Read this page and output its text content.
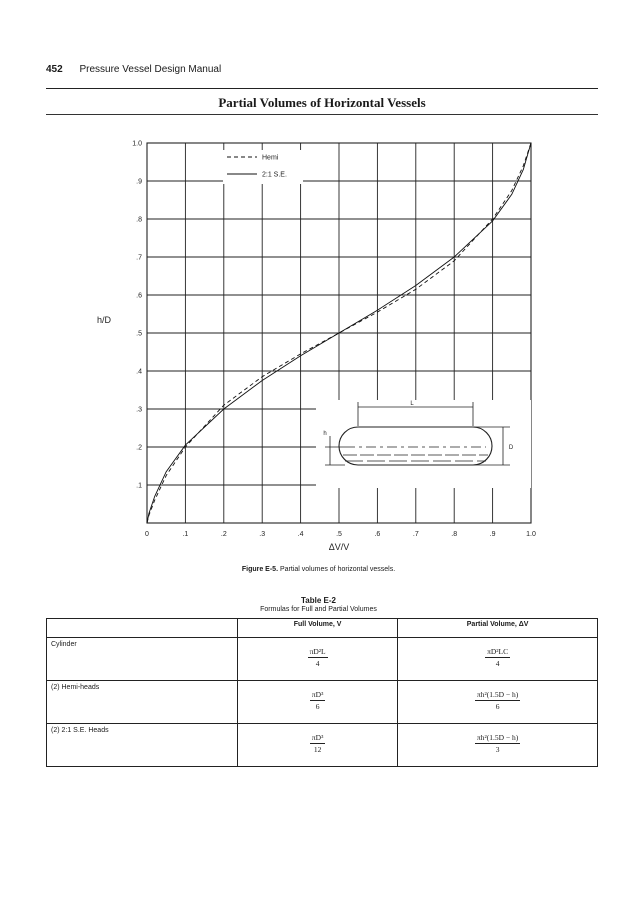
452 Pressure Vessel Design Manual
Partial Volumes of Horizontal Vessels
0	.1	.2	.3	.4	.5	.6	.7	.8	.9	1.0
.1
.2
.3
.4
.5
.6
.7
.8
.9
1.0
L
h
D
Hemi
2:1 S.E.
ΔV/V
h/D
Figure E-5. Partial volumes of horizontal vessels.
Table E-2
Formulas for Full and Partial Volumes
	Full Volume, V	Partial Volume, ΔV
Cylinder	$\frac{\text{πD²L}}{4}$	$\frac{\text{πD²LC}}{4}$

(2) Hemi-heads	$\frac{\text{πD³}}{6}$	$\frac{\text{πh²(1.5D − h)}}{6}$

(2) 2:1 S.E. Heads	$\frac{\text{πD³}}{12}$	$\frac{\text{πh²(1.5D − h)}}{3}$
